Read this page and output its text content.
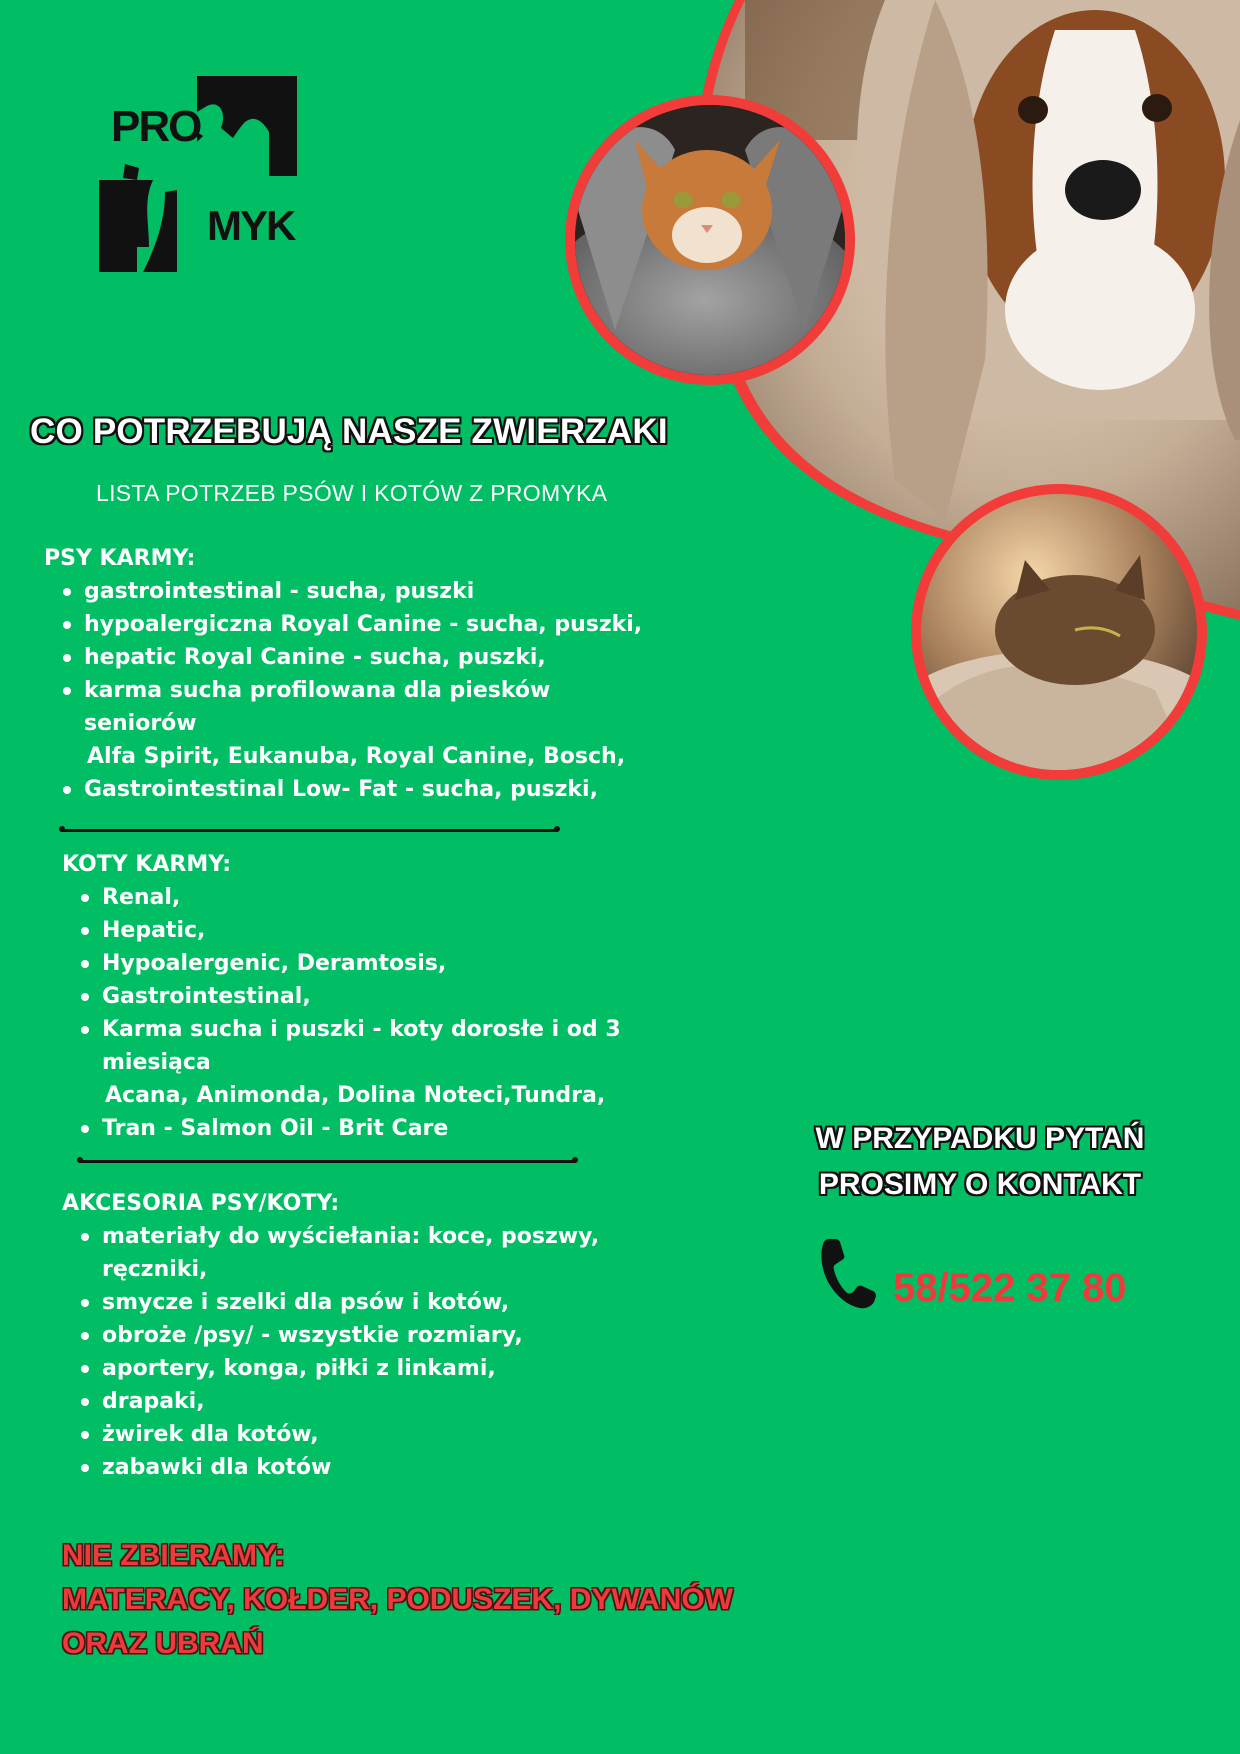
PRO
MYK
CO POTRZEBUJĄ NASZE ZWIERZAKI
LISTA POTRZEB PSÓW I KOTÓW Z PROMYKA
PSY KARMY:
gastrointestinal - sucha, puszki
hypoalergiczna Royal Canine - sucha, puszki,
hepatic Royal Canine - sucha, puszki,
karma sucha profilowana dla piesków
seniorów
Alfa Spirit, Eukanuba, Royal Canine, Bosch,
Gastrointestinal Low- Fat - sucha, puszki,
KOTY KARMY:
Renal,
Hepatic,
Hypoalergenic, Deramtosis,
Gastrointestinal,
Karma sucha i puszki - koty dorosłe i od 3
miesiąca
Acana, Animonda, Dolina Noteci,Tundra,
Tran - Salmon Oil - Brit Care
AKCESORIA PSY/KOTY:
materiały do wyściełania: koce, poszwy,
ręczniki,
smycze i szelki dla psów i kotów,
obroże /psy/ - wszystkie rozmiary,
aportery, konga, piłki z linkami,
drapaki,
żwirek dla kotów,
zabawki dla kotów
NIE ZBIERAMY:
MATERACY, KOŁDER, PODUSZEK, DYWANÓW
ORAZ UBRAŃ
W PRZYPADKU PYTAŃ
PROSIMY O KONTAKT
58/522 37 80
